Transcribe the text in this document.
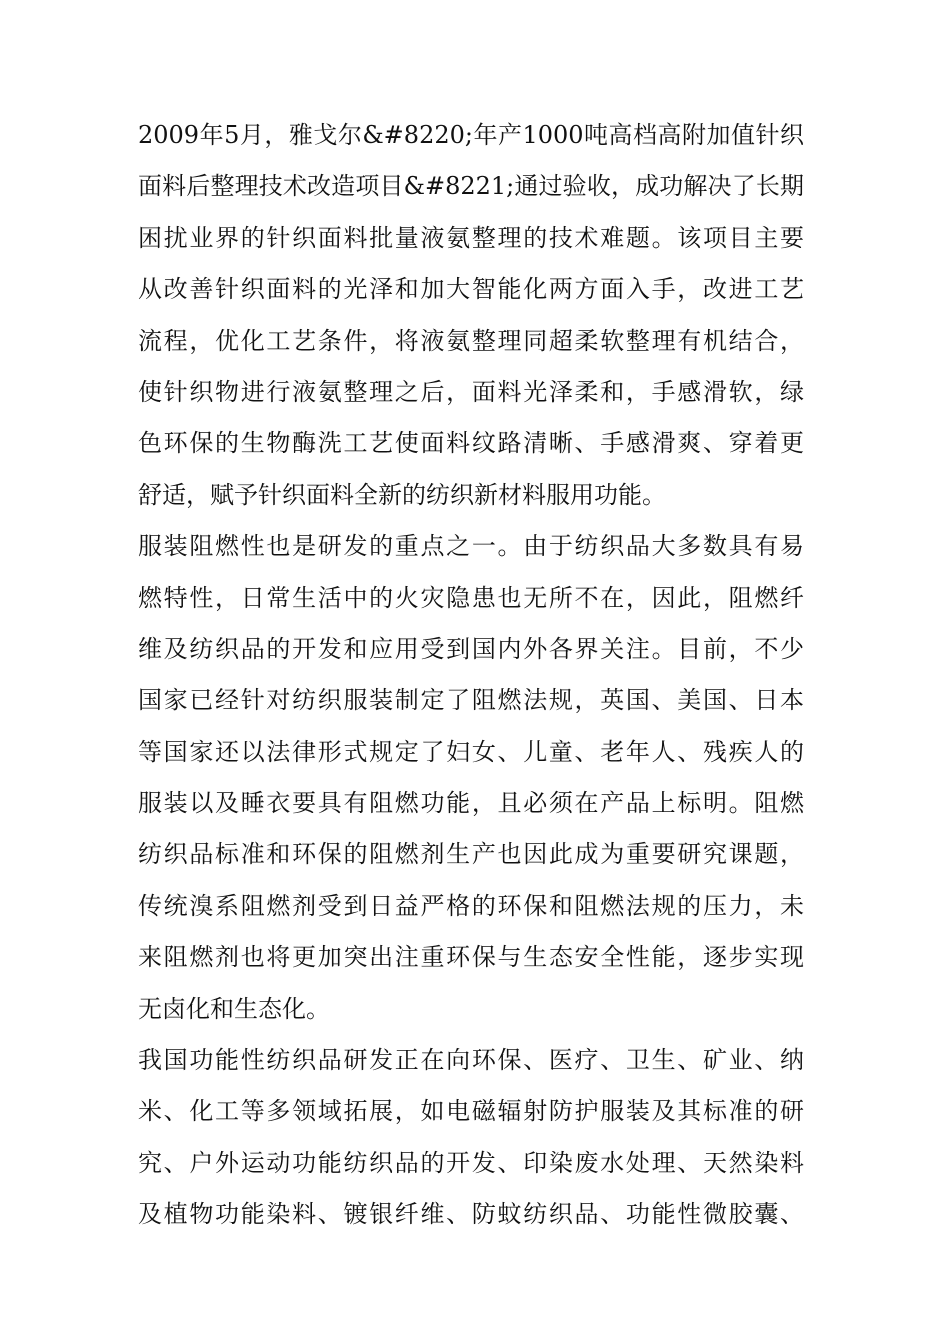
2009年5月，雅戈尔&#8220;年产1000吨高档高附加值针织
面料后整理技术改造项目&#8221;通过验收，成功解决了长期
困扰业界的针织面料批量液氨整理的技术难题。该项目主要
从改善针织面料的光泽和加大智能化两方面入手，改进工艺
流程，优化工艺条件，将液氨整理同超柔软整理有机结合，
使针织物进行液氨整理之后，面料光泽柔和，手感滑软，绿
色环保的生物酶洗工艺使面料纹路清晰、手感滑爽、穿着更
舒适，赋予针织面料全新的纺织新材料服用功能。
服装阻燃性也是研发的重点之一。由于纺织品大多数具有易
燃特性，日常生活中的火灾隐患也无所不在，因此，阻燃纤
维及纺织品的开发和应用受到国内外各界关注。目前，不少
国家已经针对纺织服装制定了阻燃法规，英国、美国、日本
等国家还以法律形式规定了妇女、儿童、老年人、残疾人的
服装以及睡衣要具有阻燃功能，且必须在产品上标明。阻燃
纺织品标准和环保的阻燃剂生产也因此成为重要研究课题，
传统溴系阻燃剂受到日益严格的环保和阻燃法规的压力，未
来阻燃剂也将更加突出注重环保与生态安全性能，逐步实现
无卤化和生态化。
我国功能性纺织品研发正在向环保、医疗、卫生、矿业、纳
米、化工等多领域拓展，如电磁辐射防护服装及其标准的研
究、户外运动功能纺织品的开发、印染废水处理、天然染料
及植物功能染料、镀银纤维、防蚊纺织品、功能性微胶囊、
